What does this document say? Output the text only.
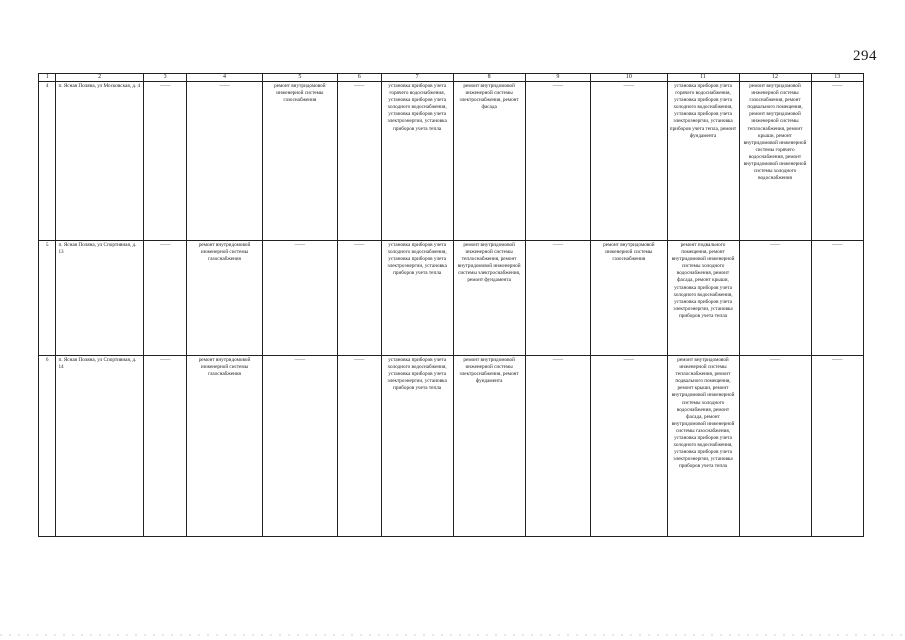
294
1	2	3	4	5	6	7	8	9	10	11	12	13
4	п. Ясная Поляна, ул Московская, д. 4	——	——	ремонт внутридомовой инженерной системы газоснабжения	——	установка приборов учета горячего водоснабжения, установка приборов учета холодного водоснабжения, установка приборов учета электроэнергии, установка приборов учета тепла	ремонт внутридомовой инженерной системы электроснабжения, ремонт фасада	——	——	установка приборов учета горячего водоснабжения, установка приборов учета холодного водоснабжения, установка приборов учета электроэнергии, установка приборов учета тепла, ремонт фундамента	ремонт внутридомовой инженерной системы газоснабжения, ремонт подвального помещения, ремонт внутридомовой инженерной системы теплоснабжения, ремонт крыши, ремонт внутридомовой инженерной системы горячего водоснабжения, ремонт внутридомовой инженерной системы холодного водоснабжения	——
5	п. Ясная Поляна, ул Спортивная, д. 13	——	ремонт внутридомовой инженерной системы газоснабжения	——	——	установка приборов учета холодного водоснабжения, установка приборов учета электроэнергии, установка приборов учета тепла	ремонт внутридомовой инженерной системы теплоснабжения, ремонт внутридомовой инженерной системы электроснабжения, ремонт фундамента	——	ремонт внутридомовой инженерной системы газоснабжения	ремонт подвального помещения, ремонт внутридомовой инженерной системы холодного водоснабжения, ремонт фасада, ремонт крыши, установка приборов учета холодного водоснабжения, установка приборов учета электроэнергии, установка приборов учета тепла	——	——
6	п. Ясная Поляна, ул Спортивная, д. 14	——	ремонт внутридомовой инженерной системы газоснабжения	——	——	установка приборов учета холодного водоснабжения, установка приборов учета электроэнергии, установка приборов учета тепла	ремонт внутридомовой инженерной системы электроснабжения, ремонт фундамента	——	——	ремонт внутридомовой инженерной системы теплоснабжения, ремонт подвального помещения, ремонт крыши, ремонт внутридомовой инженерной системы холодного водоснабжения, ремонт фасада, ремонт внутридомовой инженерной системы газоснабжения, установка приборов учета холодного водоснабжения, установка приборов учета электроэнергии, установка приборов учета тепла	——	——
